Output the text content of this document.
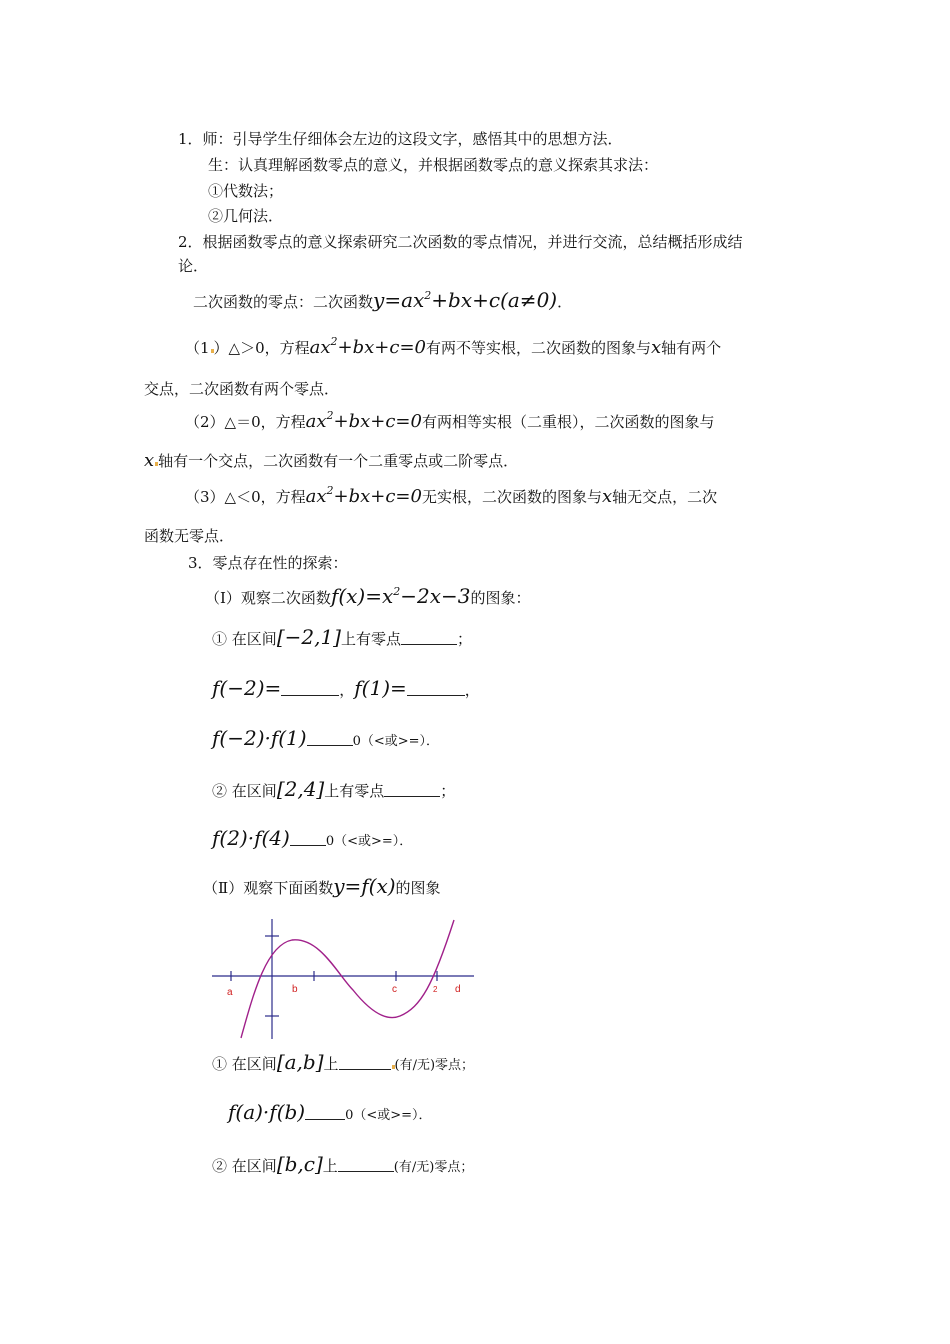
1．师：引导学生仔细体会左边的这段文字，感悟其中的思想方法．
生：认真理解函数零点的意义，并根据函数零点的意义探索其求法：
①代数法；
②几何法．
2．根据函数零点的意义探索研究二次函数的零点情况，并进行交流，总结概括形成结
论．
二次函数的零点：二次函数$y=ax^2+bx+c(a\ne 0)$．
（1 ）△＞0，方程$ax^2+bx+c=0$有两不等实根，二次函数的图象与x轴有两个
交点，二次函数有两个零点．
（2）△＝0，方程$ax^2+bx+c=0$有两相等实根（二重根），二次函数的图象与
x 轴有一个交点，二次函数有一个二重零点或二阶零点．
（3）△＜0，方程$ax^2+bx+c=0$无实根，二次函数的图象与x轴无交点，二次
函数无零点．
3．零点存在性的探索：
（Ⅰ）观察二次函数$f(x)=x^2-2x-3$的图象：
① 在区间[−2,1]上有零点	；
f(−2)=	，f(1)=	，
f(−2)·f(1)	0（<或>=）．
② 在区间[2,4]上有零点	；
f(2)·f(4)	0（<或>=）．
（Ⅱ）观察下面函数y=f(x)的图象
a	b	c	2 d
① 在区间[a,b]上	(有/无)零点；
f(a)·f(b)	0（<或>=）．
② 在区间[b,c]上	(有/无)零点；
